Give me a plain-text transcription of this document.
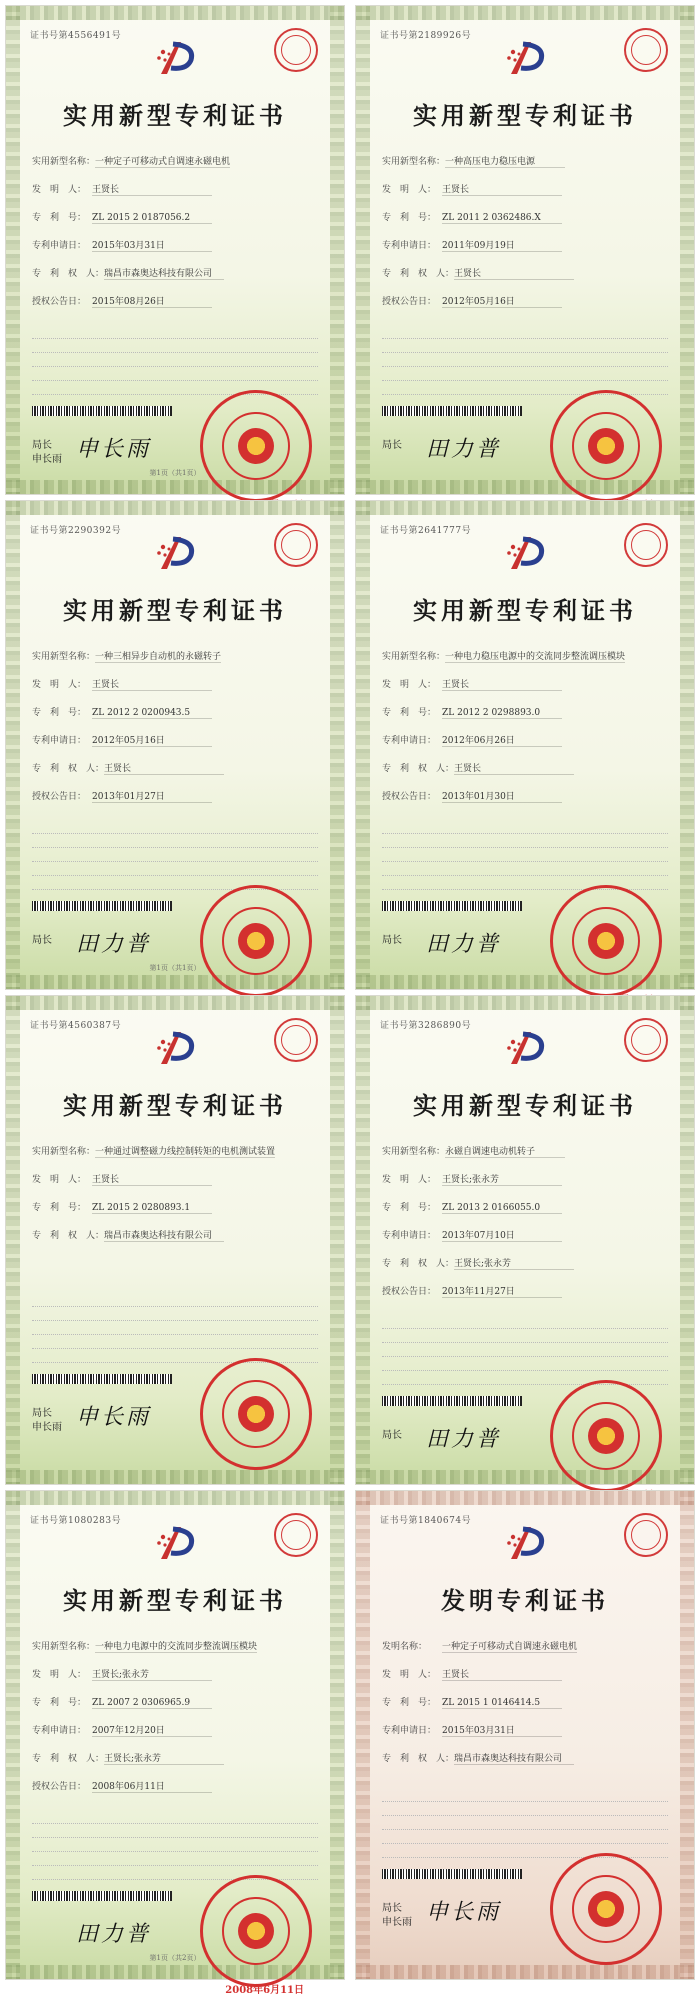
证书号第4556491号
实用新型专利证书
实用新型名称：一种定子可移动式自调速永磁电机
发　明　人： 王贤长
专　利　号： ZL 2015 2 0187056.2
专利申请日： 2015年03月31日
专　利　权　人：瑞昌市森奥达科技有限公司
授权公告日： 2015年08月26日
局长
申长雨 申长雨
第1页（共1页）
证书号第2189926号
实用新型专利证书
实用新型名称：一种高压电力稳压电源
发　明　人： 王贤长
专　利　号： ZL 2011 2 0362486.X
专利申请日： 2011年09月19日
专　利　权　人：王贤长
授权公告日： 2012年05月16日
局长 田力普
证书号第2290392号
实用新型专利证书
实用新型名称：一种三相异步自动机的永磁转子
发　明　人： 王贤长
专　利　号： ZL 2012 2 0200943.5
专利申请日： 2012年05月16日
专　利　权　人：王贤长
授权公告日： 2013年01月27日
局长 田力普
第1页（共1页）
证书号第2641777号
实用新型专利证书
实用新型名称：一种电力稳压电源中的交流同步整流调压模块
发　明　人： 王贤长
专　利　号： ZL 2012 2 0298893.0
专利申请日： 2012年06月26日
专　利　权　人：王贤长
授权公告日： 2013年01月30日
局长 田力普
证书号第4560387号
实用新型专利证书
实用新型名称：一种通过调整磁力线控制转矩的电机测试装置
发　明　人： 王贤长
专　利　号： ZL 2015 2 0280893.1
专　利　权　人：瑞昌市森奥达科技有限公司
局长
申长雨 申长雨
证书号第3286890号
实用新型专利证书
实用新型名称：永磁自调速电动机转子
发　明　人： 王贤长;张永芳
专　利　号： ZL 2013 2 0166055.0
专利申请日： 2013年07月10日
专　利　权　人：王贤长;张永芳
授权公告日： 2013年11月27日
局长 田力普
证书号第1080283号
实用新型专利证书
实用新型名称：一种电力电源中的交流同步整流调压模块
发　明　人： 王贤长;张永芳
专　利　号： ZL 2007 2 0306965.9
专利申请日： 2007年12月20日
专　利　权　人：王贤长;张永芳
授权公告日： 2008年06月11日
田力普
2008年6月11日
第1页（共2页）
证书号第1840674号
发明专利证书
发明名称： 一种定子可移动式自调速永磁电机
发　明　人： 王贤长
专　利　号： ZL 2015 1 0146414.5
专利申请日： 2015年03月31日
专　利　权　人：瑞昌市森奥达科技有限公司
局长
申长雨 申长雨
